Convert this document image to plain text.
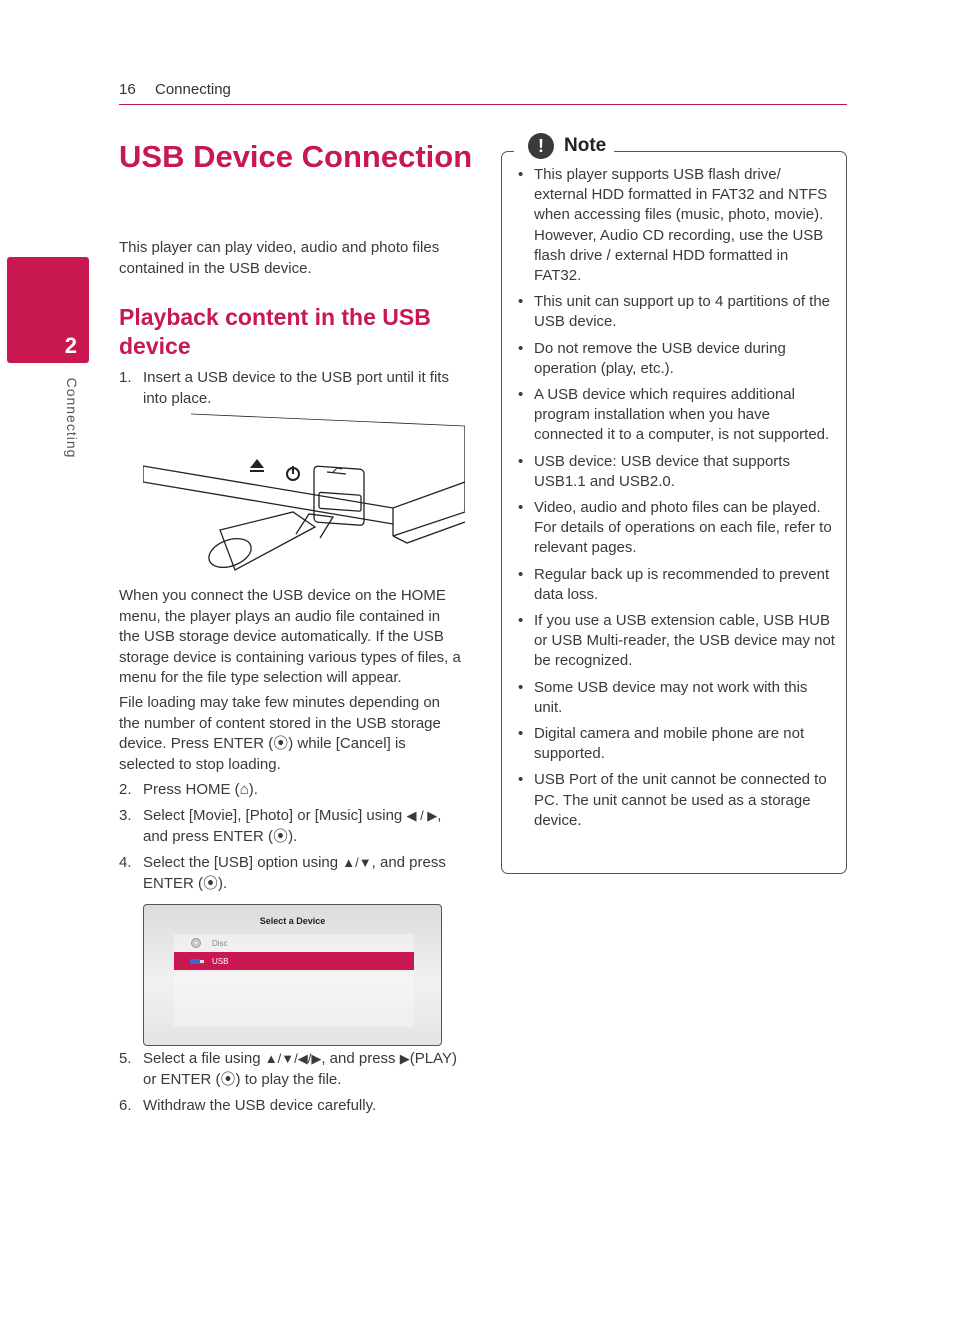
16 Connecting
2
Connecting
USB Device Connection

This player can play video, audio and photo files contained in the USB device.

Playback content in the USB device
1. Insert a USB device to the USB port until it fits into place.

When you connect the USB device on the HOME menu, the player plays an audio file contained in the USB storage device automatically. If the USB storage device is containing various types of files, a menu for the file type selection will appear.

File loading may take few minutes depending on the number of content stored in the USB storage device. Press ENTER (⦿) while [Cancel] is selected to stop loading.

2. Press HOME (⌂).
3. Select [Movie], [Photo] or [Music] using ◀ / ▶, and press ENTER (⦿).
4. Select the [USB] option using ▲/▼, and press ENTER (⦿).
Select a Device
Disc
USB
5. Select a file using ▲/▼/◀/▶, and press ▶(PLAY) or ENTER (⦿) to play the file.
6. Withdraw the USB device carefully.
!	Note
• This player supports USB flash drive/ external HDD formatted in FAT32 and NTFS when accessing files (music, photo, movie). However, Audio CD recording, use the USB flash drive / external HDD formatted in FAT32.
• This unit can support up to 4 partitions of the USB device.
• Do not remove the USB device during operation (play, etc.).
• A USB device which requires additional program installation when you have connected it to a computer, is not supported.
• USB device: USB device that supports USB1.1 and USB2.0.
• Video, audio and photo files can be played. For details of operations on each file, refer to relevant pages.
• Regular back up is recommended to prevent data loss.
• If you use a USB extension cable, USB HUB or USB Multi-reader, the USB device may not be recognized.
• Some USB device may not work with this unit.
• Digital camera and mobile phone are not supported.
• USB Port of the unit cannot be connected to PC. The unit cannot be used as a storage device.
